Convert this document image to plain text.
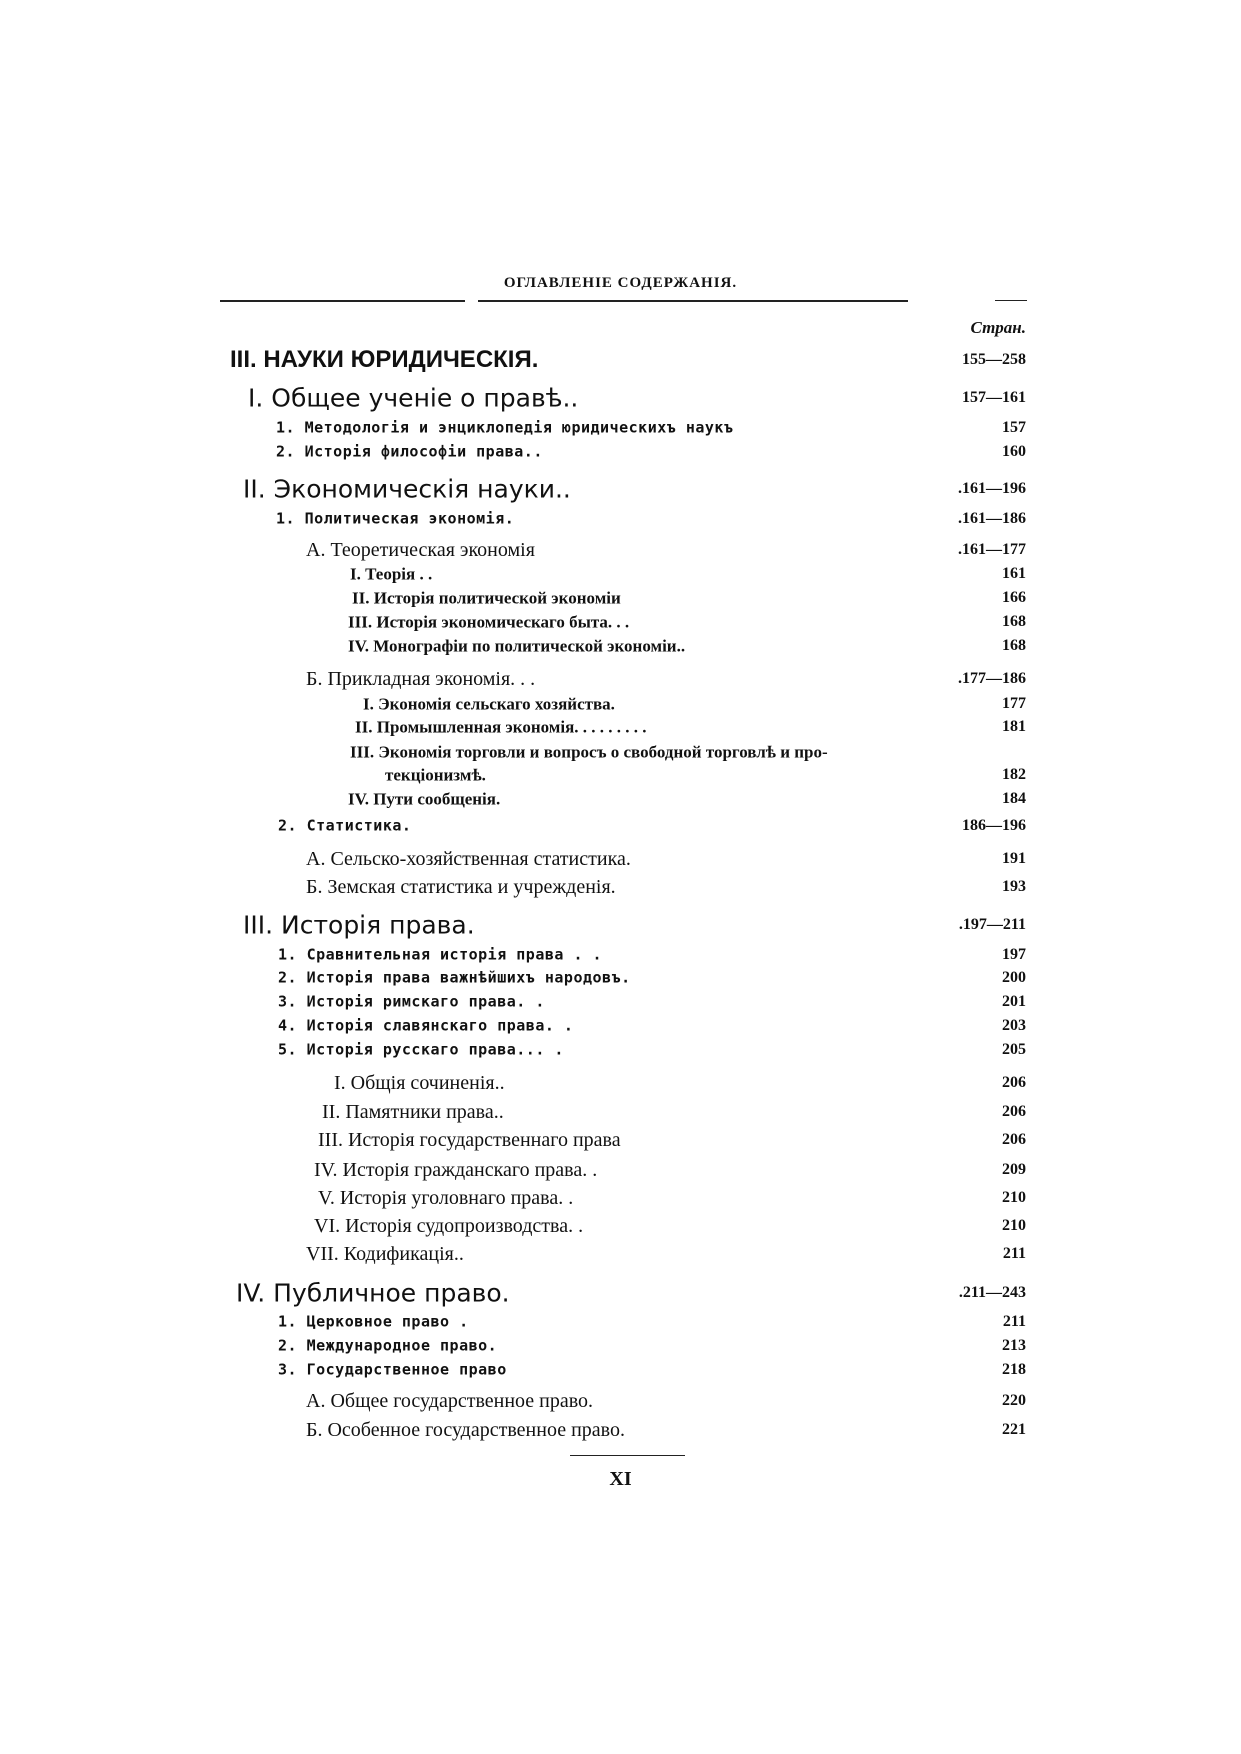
ОГЛАВЛЕНІЕ СОДЕРЖАНІЯ.
Стран.
III. НАУКИ ЮРИДИЧЕСКІЯ.	155—258
I. Общее ученіе о правѣ..	157—161
1. Методологія и энциклопедія юридическихъ наукъ	157
2. Исторія философіи права..	160
II. Экономическія науки..	.161—196
1. Политическая экономія.	.161—186
А. Теоретическая экономія	.161—177
I. Теорія . .	161
II. Исторія политической экономіи	166
III. Исторія экономическаго быта. . .	168
IV. Монографіи по политической экономіи..	168
Б. Прикладная экономія. . .	.177—186
I. Экономія сельскаго хозяйства.	177
II. Промышленная экономія. . . . . . . . .	181
III. Экономія торговли и вопросъ о свободной торговлѣ и про-
текціонизмѣ.	182
IV. Пути сообщенія.	184
2. Статистика.	186—196
А. Сельско-хозяйственная статистика.	191
Б. Земская статистика и учрежденія.	193
III. Исторія права.	.197—211
1. Сравнительная исторія права . .	197
2. Исторія права важнѣйшихъ народовъ.	200
3. Исторія римскаго права. .	201
4. Исторія славянскаго права. .	203
5. Исторія русскаго права... .	205
I. Общія сочиненія..	206
II. Памятники права..	206
III. Исторія государственнаго права	206
IV. Исторія гражданскаго права. .	209
V. Исторія уголовнаго права. .	210
VI. Исторія судопроизводства. .	210
VII. Кодификація..	211
IV. Публичное право.	.211—243
1. Церковное право .	211
2. Международное право.	213
3. Государственное право	218
А. Общее государственное право.	220
Б. Особенное государственное право.	221
XI
